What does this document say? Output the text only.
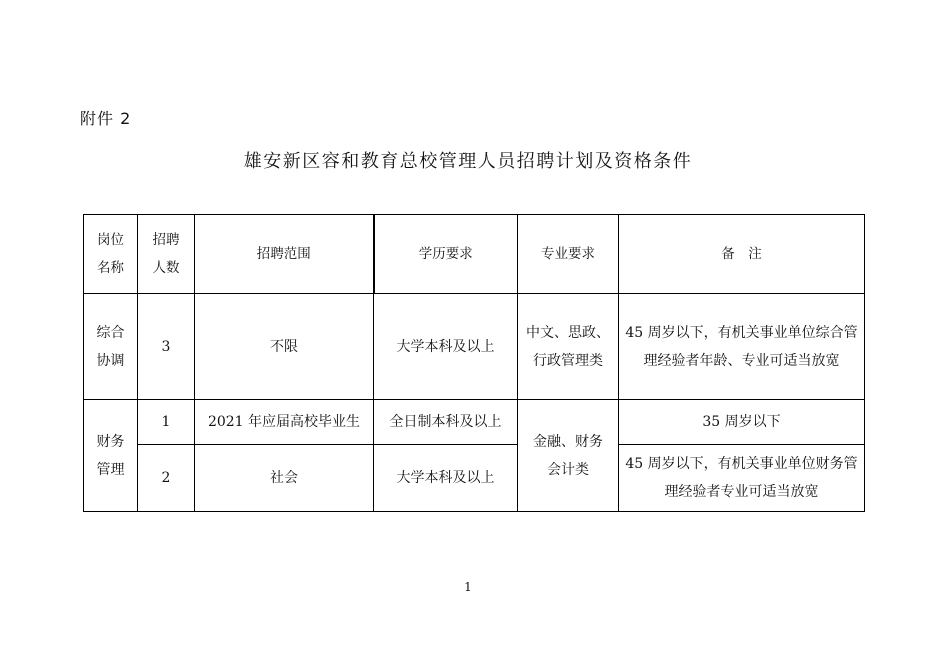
附件 2
雄安新区容和教育总校管理人员招聘计划及资格条件
岗位名称	招聘人数	招聘范围	学历要求	专业要求	备　注
综合协调	3	不限	大学本科及以上	中文、思政、行政管理类	45 周岁以下，有机关事业单位综合管理经验者年龄、专业可适当放宽
财务管理	1	2021 年应届高校毕业生	全日制本科及以上	金融、财务会计类	35 周岁以下
	2	社会	大学本科及以上		45 周岁以下，有机关事业单位财务管理经验者专业可适当放宽
1
